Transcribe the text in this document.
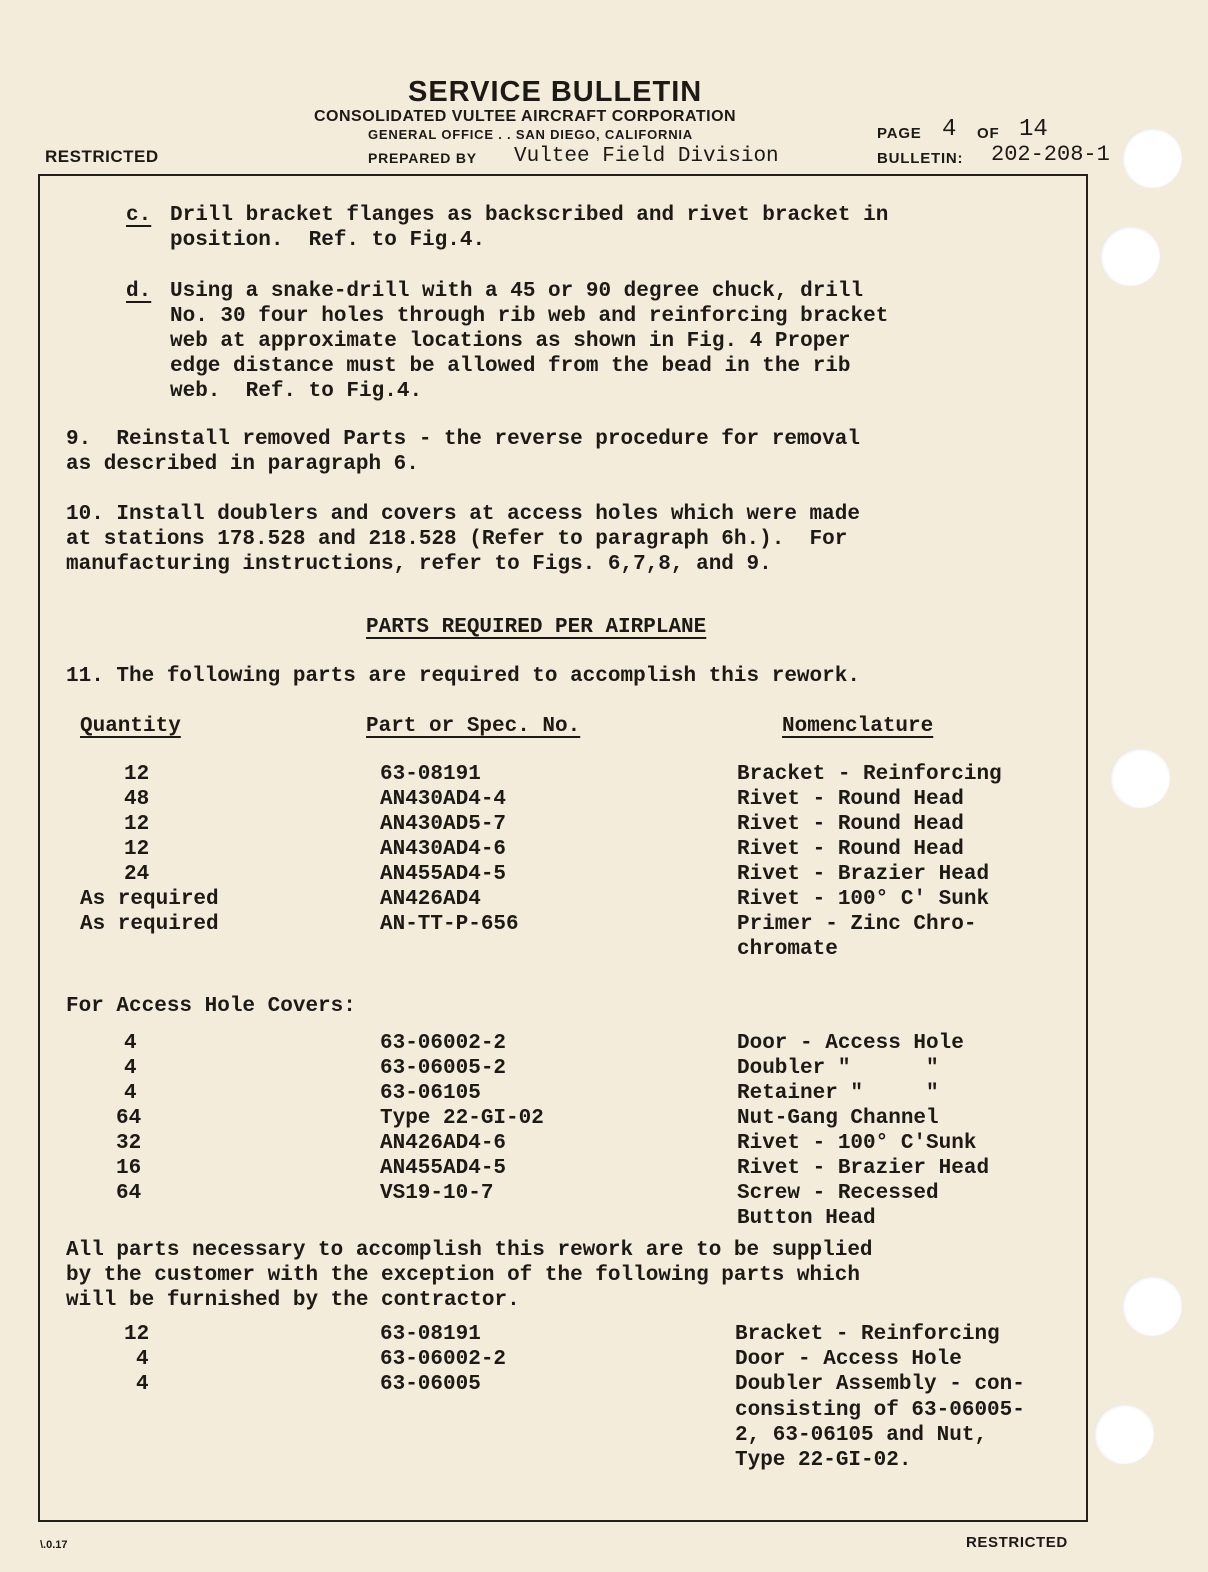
SERVICE BULLETIN
CONSOLIDATED VULTEE AIRCRAFT CORPORATION
GENERAL OFFICE . . SAN DIEGO, CALIFORNIA
RESTRICTED	PREPARED BY Vultee Field Division
PAGE 4 OF 14
BULLETIN: 202-208-1
c. Drill bracket flanges as backscribed and rivet bracket in
position.  Ref. to Fig.4.
d. Using a snake-drill with a 45 or 90 degree chuck, drill
No. 30 four holes through rib web and reinforcing bracket
web at approximate locations as shown in Fig. 4 Proper
edge distance must be allowed from the bead in the rib
web.  Ref. to Fig.4.
9.  Reinstall removed Parts - the reverse procedure for removal
as described in paragraph 6.
10. Install doublers and covers at access holes which were made
at stations 178.528 and 218.528 (Refer to paragraph 6h.).  For
manufacturing instructions, refer to Figs. 6,7,8, and 9.
PARTS REQUIRED PER AIRPLANE
11. The following parts are required to accomplish this rework.
Quantity	Part or Spec. No.	Nomenclature
12	63-08191	Bracket - Reinforcing
48	AN430AD4-4	Rivet - Round Head
12	AN430AD5-7	Rivet - Round Head
12	AN430AD4-6	Rivet - Round Head
24	AN455AD4-5	Rivet - Brazier Head
As required	AN426AD4	Rivet - 100° C' Sunk
As required	AN-TT-P-656	Primer - Zinc Chro-
chromate
For Access Hole Covers:
4	63-06002-2	Door - Access Hole
4	63-06005-2	Doubler "      "
4	63-06105	Retainer "     "
64	Type 22-GI-02	Nut-Gang Channel
32	AN426AD4-6	Rivet - 100° C'Sunk
16	AN455AD4-5	Rivet - Brazier Head
64	VS19-10-7	Screw - Recessed
Button Head
All parts necessary to accomplish this rework are to be supplied
by the customer with the exception of the following parts which
will be furnished by the contractor.
12	63-08191	Bracket - Reinforcing
4	63-06002-2	Door - Access Hole
4	63-06005	Doubler Assembly - con-
consisting of 63-06005-
2, 63-06105 and Nut,
Type 22-GI-02.
\.0.17	RESTRICTED
